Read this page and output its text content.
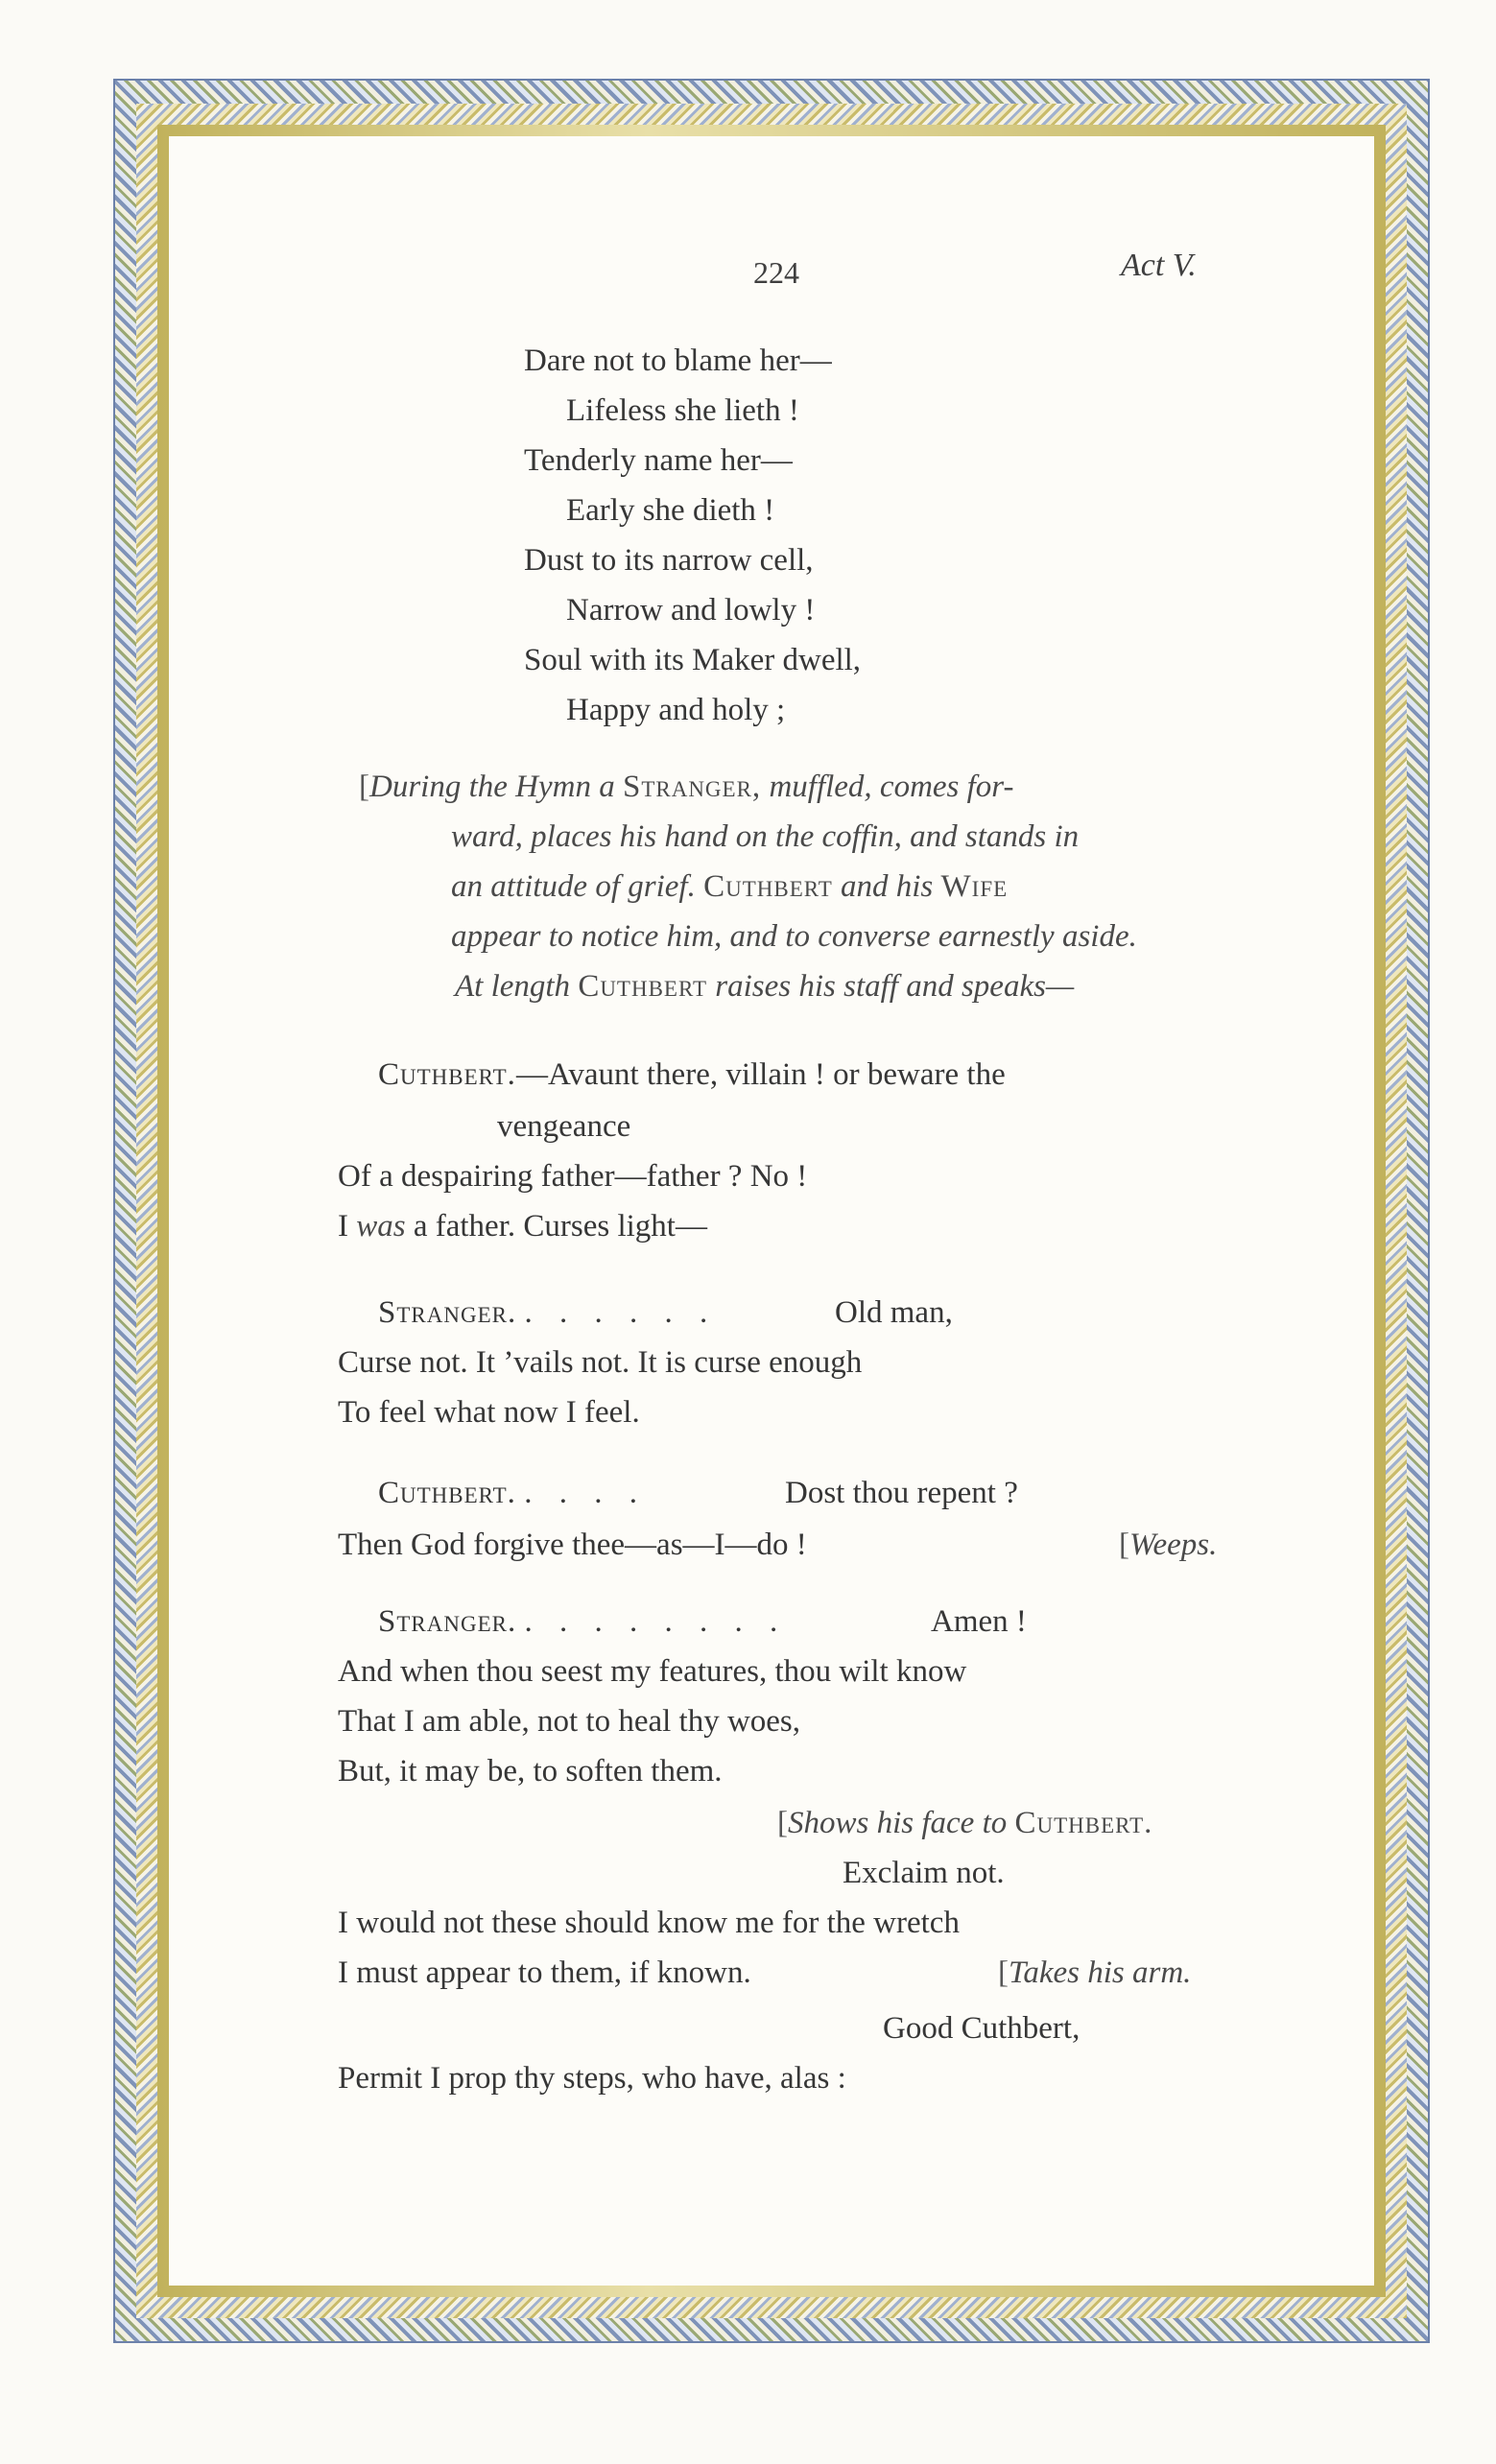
224	Act V.
Dare not to blame her—
Lifeless she lieth !
Tenderly name her—
Early she dieth !
Dust to its narrow cell,
Narrow and lowly !
Soul with its Maker dwell,
Happy and holy ;
[During the Hymn a Stranger, muffled, comes for-
ward, places his hand on the coffin, and stands in
an attitude of grief. Cuthbert and his Wife
appear to notice him, and to converse earnestly aside.
At length Cuthbert raises his staff and speaks—
Cuthbert.—Avaunt there, villain ! or beware the
vengeance
Of a despairing father—father ? No !
I was a father. Curses light—
Stranger. . . . . . .	Old man,
Curse not. It ’vails not. It is curse enough
To feel what now I feel.
Cuthbert. . . . .	Dost thou repent ?
Then God forgive thee—as—I—do !	[Weeps.
Stranger. . . . . . . . .	Amen !
And when thou seest my features, thou wilt know
That I am able, not to heal thy woes,
But, it may be, to soften them.
[Shows his face to Cuthbert.
Exclaim not.
I would not these should know me for the wretch
I must appear to them, if known.	[Takes his arm.
Good Cuthbert,
Permit I prop thy steps, who have, alas :
